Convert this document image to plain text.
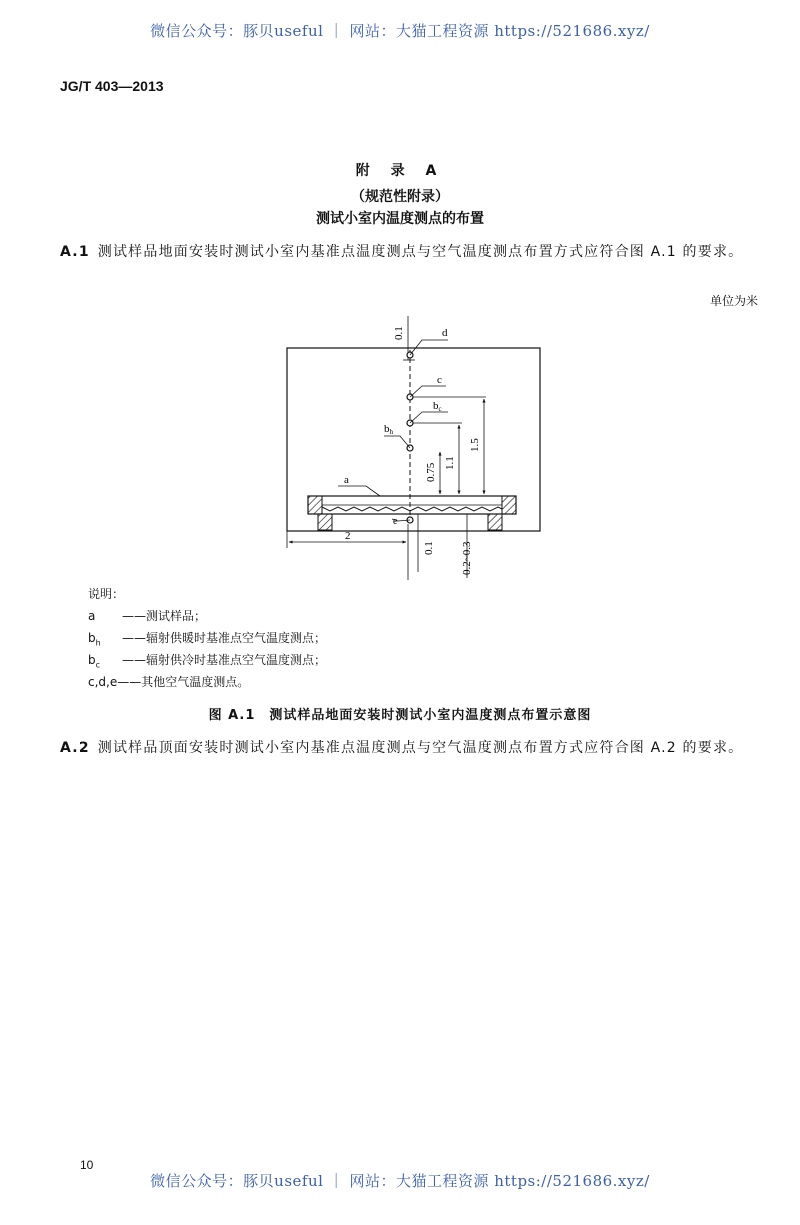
微信公众号：豚贝useful ｜ 网站：大猫工程资源 https://521686.xyz/
JG/T 403—2013
附 录 A
（规范性附录）
测试小室内温度测点的布置
A.1 测试样品地面安装时测试小室内基准点温度测点与空气温度测点布置方式应符合图 A.1 的要求。
单位为米
d
c
bc
bh
a
e
0.75 1.1
1.5
0.1
2
0.1 0.2~0.3
说明：
a ——测试样品；
$b_h$ ——辐射供暖时基准点空气温度测点；
$b_c$ ——辐射供冷时基准点空气温度测点；
c,d,e——其他空气温度测点。
图 A.1　测试样品地面安装时测试小室内温度测点布置示意图
A.2 测试样品顶面安装时测试小室内基准点温度测点与空气温度测点布置方式应符合图 A.2 的要求。
10
微信公众号：豚贝useful ｜ 网站：大猫工程资源 https://521686.xyz/
